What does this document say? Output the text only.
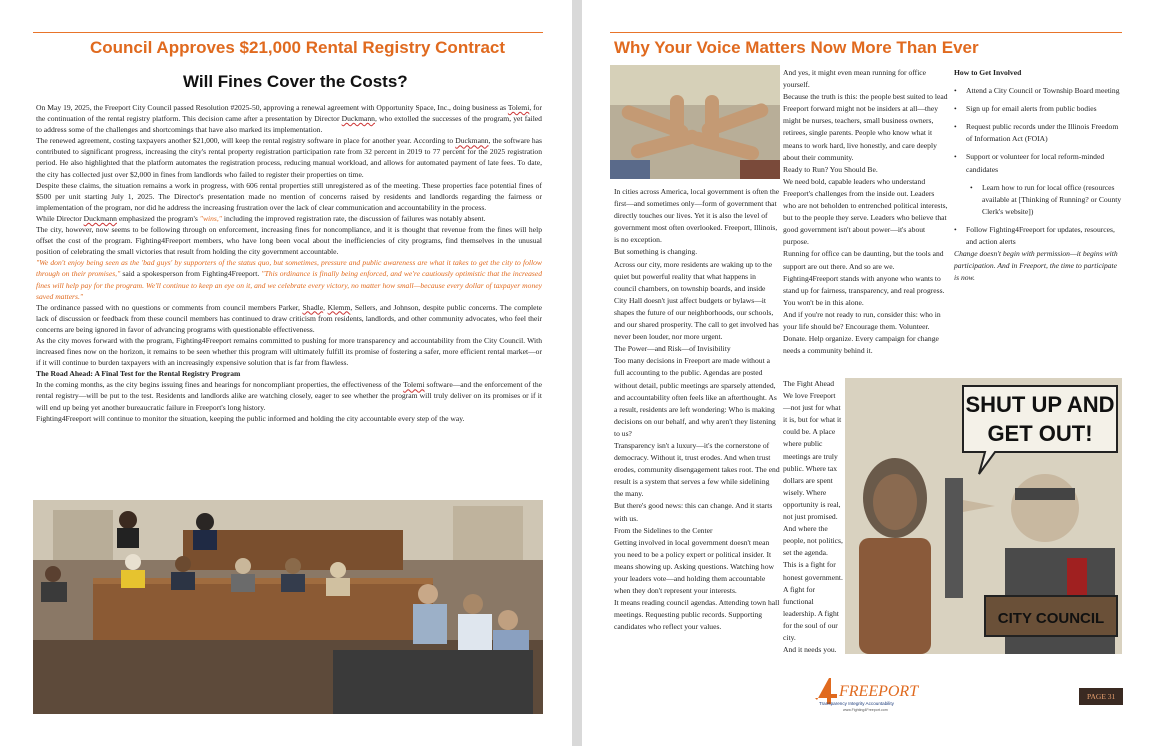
Council Approves $21,000 Rental Registry Contract
Will Fines Cover the Costs?

On May 19, 2025, the Freeport City Council passed Resolution #2025-50, approving a renewal agreement with Opportunity Space, Inc., doing business as Tolemi, for the continuation of the rental registry platform. This decision came after a presentation by Director Duckmann, who extolled the successes of the program, yet failed to address some of the challenges and shortcomings that have also marked its implementation.

The renewed agreement, costing taxpayers another $21,000, will keep the rental registry software in place for another year. According to Duckmann, the software has contributed to significant progress, increasing the city's rental property registration participation rate from 32 percent in 2019 to 77 percent for the 2025 registration period. He also highlighted that the platform automates the registration process, reducing manual workload, and allows for automated payment of late fees. To date, the city has collected just over $2,000 in fines from landlords who failed to register their properties on time.

Despite these claims, the situation remains a work in progress, with 606 rental properties still unregistered as of the meeting. These properties face potential fines of $500 per unit starting July 1, 2025. The Director's presentation made no mention of concerns raised by residents and landlords regarding the fairness or implementation of the program, nor did he address the increasing frustration over the lack of clear communication and accountability in the process.

While Director Duckmann emphasized the program's "wins," including the improved registration rate, the discussion of failures was notably absent.

The city, however, now seems to be following through on enforcement, increasing fines for noncompliance, and it is thought that revenue from the fines will help offset the cost of the program. Fighting4Freeport members, who have long been vocal about the inefficiencies of city programs, find themselves in the unusual position of celebrating the small victories that result from holding the city government accountable.

"We don't enjoy being seen as the 'bad guys' by supporters of the status quo, but sometimes, pressure and public awareness are what it takes to get the city to follow through on their promises," said a spokesperson from Fighting4Freeport. "This ordinance is finally being enforced, and we're cautiously optimistic that the increased fines will help pay for the program. We'll continue to keep an eye on it, and we celebrate every victory, no matter how small—because every dollar of taxpayer money saved matters."

The ordinance passed with no questions or comments from council members Parker, Shadle, Klemm, Sellers, and Johnson, despite public concerns. The complete lack of discussion or feedback from these council members has continued to draw criticism from residents, landlords, and other community advocates, who feel their concerns are being ignored in favor of advancing programs with questionable effectiveness.

As the city moves forward with the program, Fighting4Freeport remains committed to pushing for more transparency and accountability from the City Council. With increased fines now on the horizon, it remains to be seen whether this program will ultimately fulfill its promise of fostering a safer, more efficient rental market—or if it will continue to burden taxpayers with an increasingly expensive solution that is far from flawless.

The Road Ahead: A Final Test for the Rental Registry Program

In the coming months, as the city begins issuing fines and hearings for noncompliant properties, the effectiveness of the Tolemi software—and the enforcement of the rental registry—will be put to the test. Residents and landlords alike are watching closely, eager to see whether the program will truly deliver on its promises or if it will end up being yet another bureaucratic failure in Freeport's long history.

Fighting4Freeport will continue to monitor the situation, keeping the public informed and holding the city accountable every step of the way.

Why Your Voice Matters Now More Than Ever

In cities across America, local government is often the first—and sometimes only—form of government that directly touches our lives. Yet it is also the level of government most often overlooked. Freeport, Illinois, is no exception.

But something is changing.

Across our city, more residents are waking up to the quiet but powerful reality that what happens in council chambers, on township boards, and inside City Hall doesn't just affect budgets or bylaws—it shapes the future of our neighborhoods, our schools, and our shared prosperity. The call to get involved has never been louder, nor more urgent.

The Power—and Risk—of Invisibility

Too many decisions in Freeport are made without a full accounting to the public. Agendas are posted without detail, public meetings are sparsely attended, and accountability often feels like an afterthought. As a result, residents are left wondering: Who is making decisions on our behalf, and why aren't they listening to us?

Transparency isn't a luxury—it's the cornerstone of democracy. Without it, trust erodes. And when trust erodes, community disengagement takes root. The end result is a system that serves a few while sidelining the many.

But there's good news: this can change. And it starts with us.

From the Sidelines to the Center

Getting involved in local government doesn't mean you need to be a policy expert or political insider. It means showing up. Asking questions. Watching how your leaders vote—and holding them accountable when they don't represent your interests.

It means reading council agendas. Attending town hall meetings. Requesting public records. Supporting candidates who reflect your values.

And yes, it might even mean running for office yourself.

Because the truth is this: the people best suited to lead Freeport forward might not be insiders at all—they might be nurses, teachers, small business owners, retirees, single parents. People who know what it means to work hard, live honestly, and care deeply about their community.

Ready to Run? You Should Be.

We need bold, capable leaders who understand Freeport's challenges from the inside out. Leaders who are not beholden to entrenched political interests, but to the people they serve. Leaders who believe that good government isn't about power—it's about purpose.

Running for office can be daunting, but the tools and support are out there. And so are we. Fighting4Freeport stands with anyone who wants to stand up for fairness, transparency, and real progress. You won't be in this alone.

And if you're not ready to run, consider this: who in your life should be? Encourage them. Volunteer. Donate. Help organize. Every campaign for change needs a community behind it.

The Fight Ahead

We love Freeport—not just for what it is, but for what it could be. A place where public meetings are truly public. Where tax dollars are spent wisely. Where opportunity is real, not just promised. And where the people, not politics, set the agenda.

This is a fight for honest government. A fight for functional leadership. A fight for the soul of our city.

And it needs you.

How to Get Involved

• Attend a City Council or Township Board meeting
• Sign up for email alerts from public bodies
• Request public records under the Illinois Freedom of Information Act (FOIA)
• Support or volunteer for local reform-minded candidates
• Learn how to run for local office (resources available at [Thinking of Running? or County Clerk's website])
• Follow Fighting4Freeport for updates, resources, and action alerts

Change doesn't begin with permission—it begins with participation. And in Freeport, the time to participate is now.

SHUT UP AND
GET OUT!
CITY COUNCIL
FREEPORT
Transparency Integrity Accountability
www.Fighting4Freeport.com
PAGE 31
